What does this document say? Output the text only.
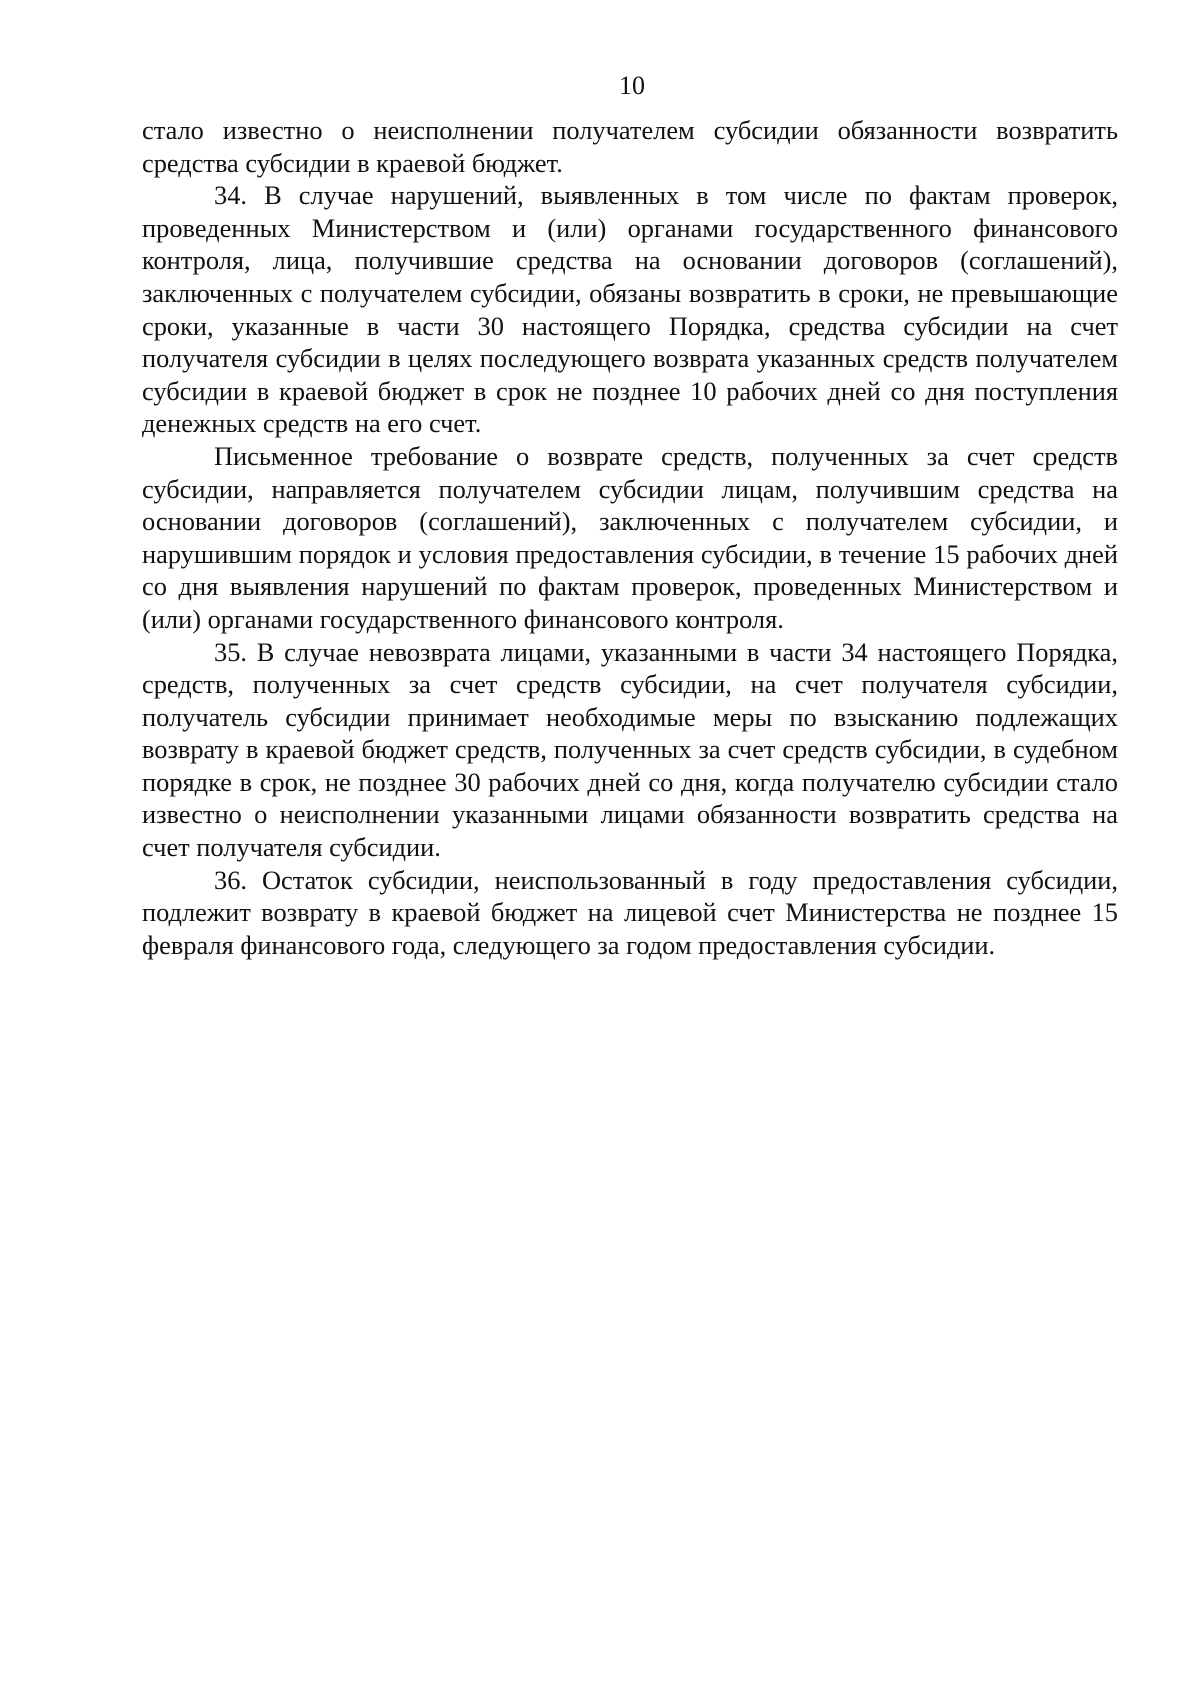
10

стало известно о неисполнении получателем субсидии обязанности возвратить средства субсидии в краевой бюджет.

34. В случае нарушений, выявленных в том числе по фактам проверок, проведенных Министерством и (или) органами государственного финансового контроля, лица, получившие средства на основании договоров (соглашений), заключенных с получателем субсидии, обязаны возвратить в сроки, не превышающие сроки, указанные в части 30 настоящего Порядка, средства субсидии на счет получателя субсидии в целях последующего возврата указанных средств получателем субсидии в краевой бюджет в срок не позднее 10 рабочих дней со дня поступления денежных средств на его счет.

Письменное требование о возврате средств, полученных за счет средств субсидии, направляется получателем субсидии лицам, получившим средства на основании договоров (соглашений), заключенных с получателем субсидии, и нарушившим порядок и условия предоставления субсидии, в течение 15 рабочих дней со дня выявления нарушений по фактам проверок, проведенных Министерством и (или) органами государственного финансового контроля.

35. В случае невозврата лицами, указанными в части 34 настоящего Порядка, средств, полученных за счет средств субсидии, на счет получателя субсидии, получатель субсидии принимает необходимые меры по взысканию подлежащих возврату в краевой бюджет средств, полученных за счет средств субсидии, в судебном порядке в срок, не позднее 30 рабочих дней со дня, когда получателю субсидии стало известно о неисполнении указанными лицами обязанности возвратить средства на счет получателя субсидии.

36. Остаток субсидии, неиспользованный в году предоставления субсидии, подлежит возврату в краевой бюджет на лицевой счет Министерства не позднее 15 февраля финансового года, следующего за годом предоставления субсидии.
